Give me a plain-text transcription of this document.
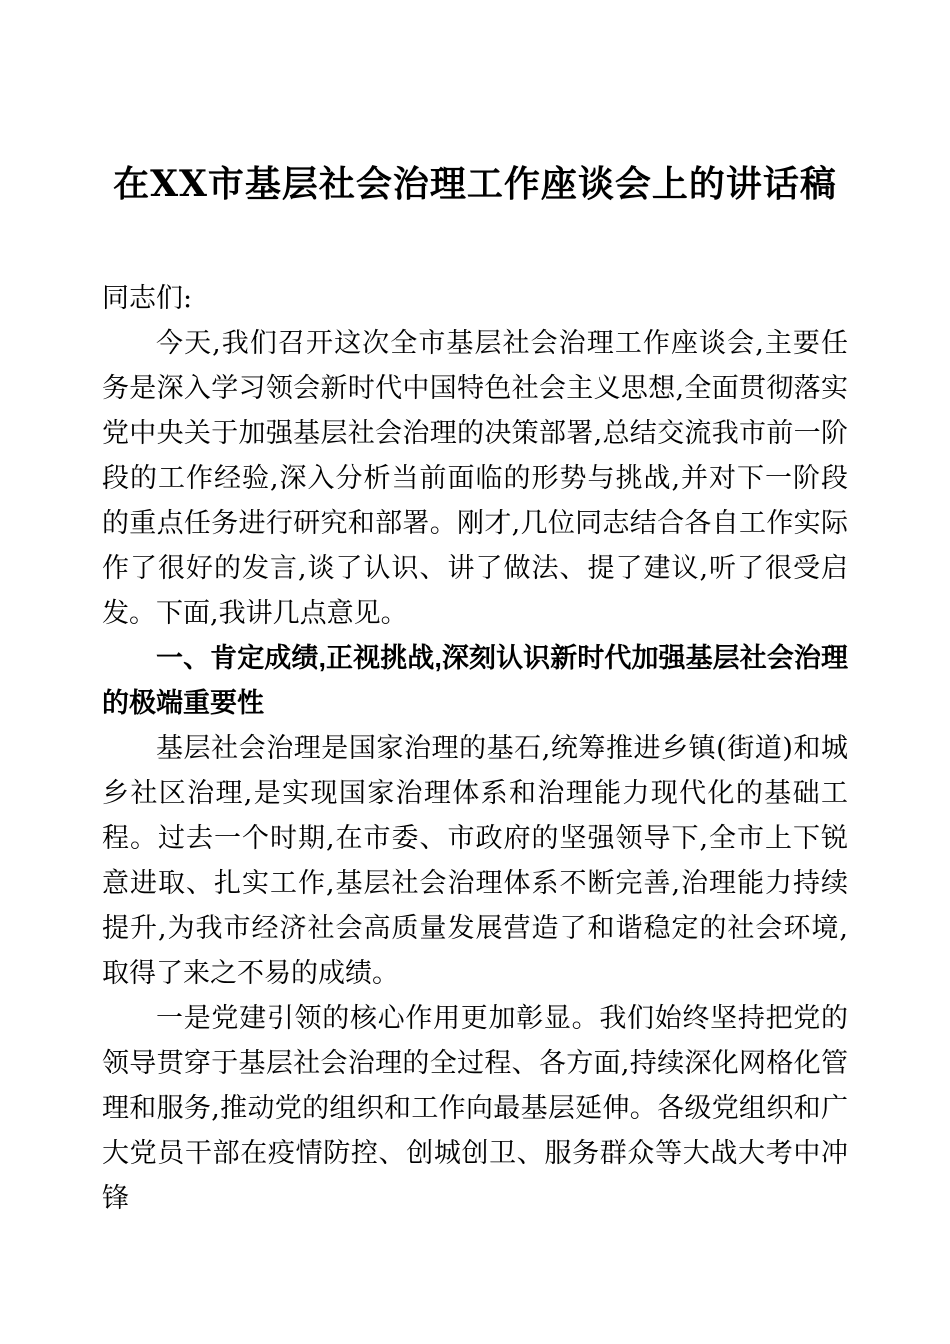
在XX市基层社会治理工作座谈会上的讲话稿

同志们:

今天,我们召开这次全市基层社会治理工作座谈会,主要任务是深入学习领会新时代中国特色社会主义思想,全面贯彻落实党中央关于加强基层社会治理的决策部署,总结交流我市前一阶段的工作经验,深入分析当前面临的形势与挑战,并对下一阶段的重点任务进行研究和部署。刚才,几位同志结合各自工作实际作了很好的发言,谈了认识、讲了做法、提了建议,听了很受启发。下面,我讲几点意见。

一、肯定成绩,正视挑战,深刻认识新时代加强基层社会治理的极端重要性

基层社会治理是国家治理的基石,统筹推进乡镇(街道)和城乡社区治理,是实现国家治理体系和治理能力现代化的基础工程。过去一个时期,在市委、市政府的坚强领导下,全市上下锐意进取、扎实工作,基层社会治理体系不断完善,治理能力持续提升,为我市经济社会高质量发展营造了和谐稳定的社会环境,取得了来之不易的成绩。

一是党建引领的核心作用更加彰显。我们始终坚持把党的领导贯穿于基层社会治理的全过程、各方面,持续深化网格化管理和服务,推动党的组织和工作向最基层延伸。各级党组织和广大党员干部在疫情防控、创城创卫、服务群众等大战大考中冲锋
